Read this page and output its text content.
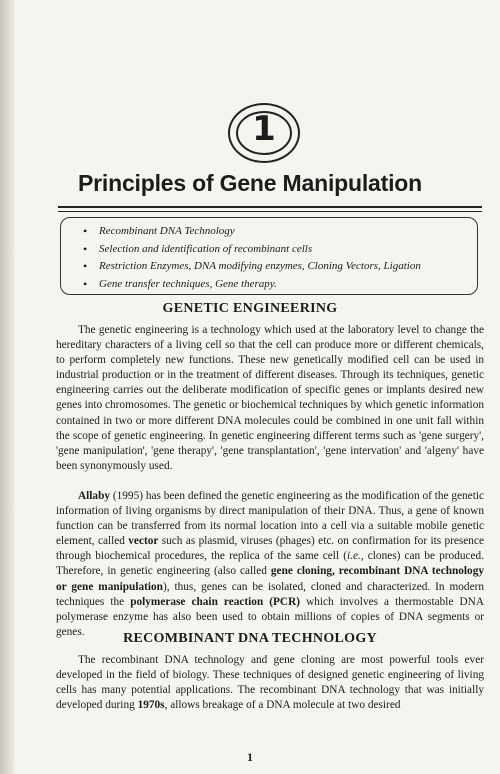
1
Principles of Gene Manipulation
• Recombinant DNA Technology
• Selection and identification of recombinant cells
• Restriction Enzymes, DNA modifying enzymes, Cloning Vectors, Ligation
• Gene transfer techniques, Gene therapy.
GENETIC ENGINEERING

The genetic engineering is a technology which used at the laboratory level to change the hereditary characters of a living cell so that the cell can produce more or different chemicals, to perform completely new functions. These new genetically modified cell can be used in industrial production or in the treatment of different diseases. Through its techniques, genetic engineering carries out the deliberate modification of specific genes or implants desired new genes into chromosomes. The genetic or biochemical techniques by which genetic information contained in two or more different DNA molecules could be combined in one unit fall within the scope of genetic engineering. In genetic engineering different terms such as 'gene surgery', 'gene manipulation', 'gene therapy', 'gene transplantation', 'gene intervation' and 'algeny' have been synonymously used.

Allaby (1995) has been defined the genetic engineering as the modification of the genetic information of living organisms by direct manipulation of their DNA. Thus, a gene of known function can be transferred from its normal location into a cell via a suitable mobile genetic element, called vector such as plasmid, viruses (phages) etc. on confirmation for its presence through biochemical procedures, the replica of the same cell (i.e., clones) can be produced. Therefore, in genetic engineering (also called gene cloning, recombinant DNA technology or gene manipulation), thus, genes can be isolated, cloned and characterized. In modern techniques the polymerase chain reaction (PCR) which involves a thermostable DNA polymerase enzyme has also been used to obtain millions of copies of DNA segments or genes.	RECOMBINANT DNA TECHNOLOGY

The recombinant DNA technology and gene cloning are most powerful tools ever developed in the field of biology. These techniques of designed genetic engineering of living cells has many potential applications. The recombinant DNA technology that was initially developed during 1970s, allows breakage of a DNA molecule at two desired

1
